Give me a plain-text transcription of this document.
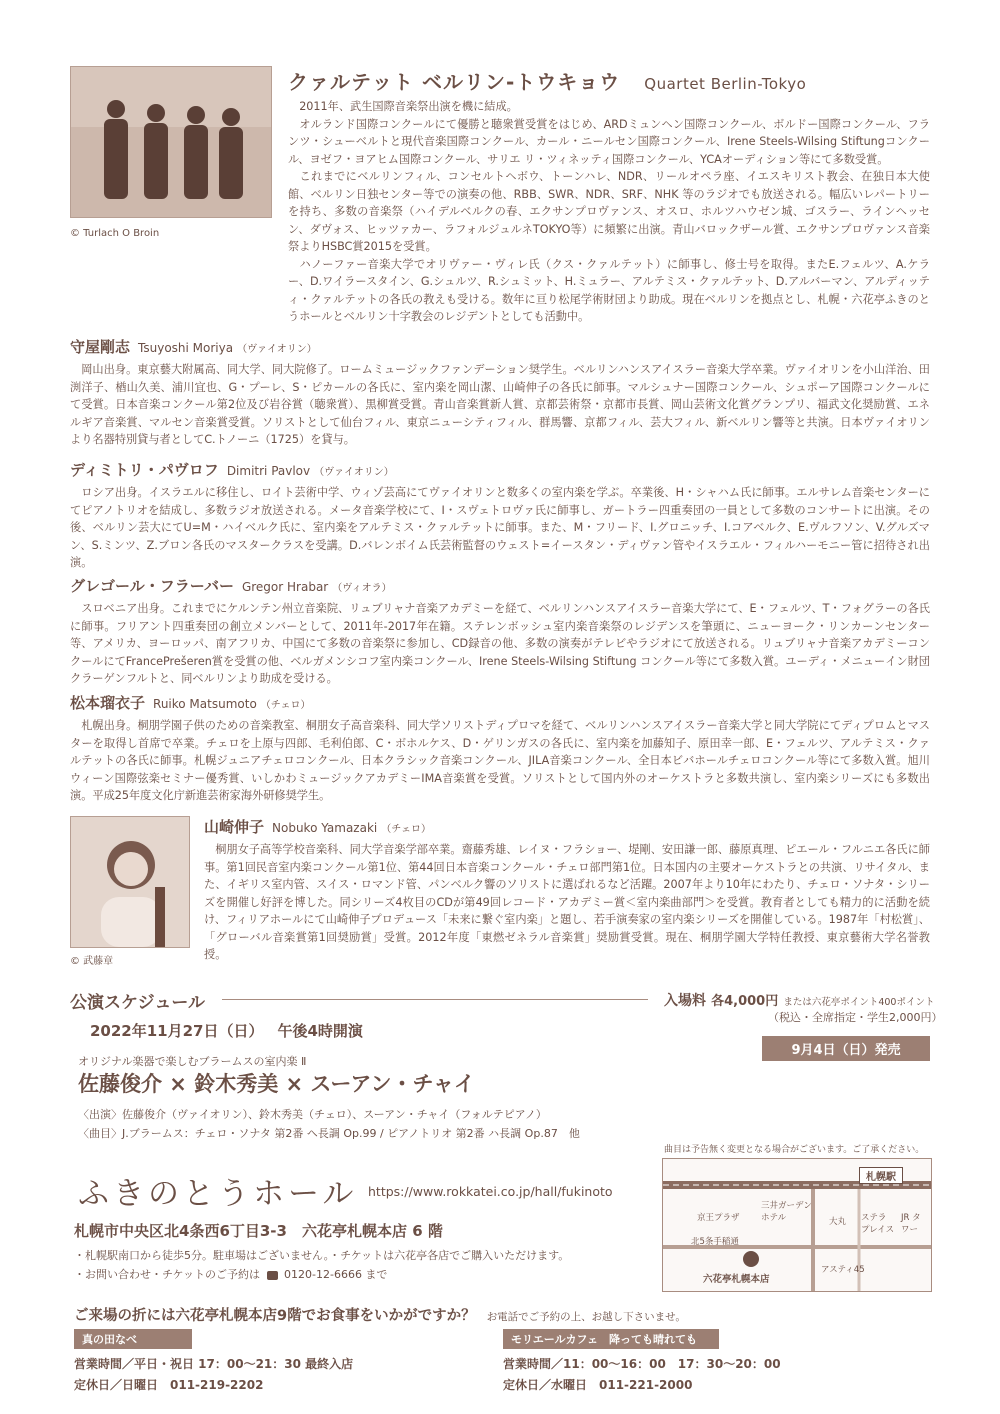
© Turlach O Broin
クァルテット ベルリン-トウキョウ Quartet Berlin-Tokyo
　2011年、武生国際音楽祭出演を機に結成。
　オルランド国際コンクールにて優勝と聴衆賞受賞をはじめ、ARDミュンヘン国際コンクール、ボルドー国際コンクール、フランツ・シューベルトと現代音楽国際コンクール、カール・ニールセン国際コンクール、Irene Steels-Wilsing Stiftungコンクール、ヨゼフ・ヨアヒム国際コンクール、サリエ リ・ツィネッティ国際コンクール、YCAオーディション等にて多数受賞。
　これまでにベルリンフィル、コンセルトヘボウ、トーンハレ、NDR、リールオペラ座、イエスキリスト教会、在独日本大使館、ベルリン日独センター等での演奏の他、RBB、SWR、NDR、SRF、NHK 等のラジオでも放送される。幅広いレパートリーを持ち、多数の音楽祭（ハイデルベルクの春、エクサンプロヴァンス、オスロ、ホルツハウゼン城、ゴスラー、ラインヘッセン、ダヴォス、ヒッツァカー、ラフォルジュルネTOKYO等）に頻繁に出演。青山バロックザール賞、エクサンプロヴァンス音楽祭よりHSBC賞2015を受賞。
　ハノーファー音楽大学でオリヴァー・ヴィレ氏（クス・クァルテット）に師事し、修士号を取得。またE.フェルツ、A.ケラー、D.ワイラースタイン、G.シュルツ、R.シュミット、H.ミュラー、アルテミス・クァルテット、D.アルバーマン、アルディッティ・クァルテットの各氏の教えも受ける。数年に亘り松尾学術財団より助成。現在ベルリンを拠点とし、札幌・六花亭ふきのとうホールとベルリン十字教会のレジデントとしても活動中。
守屋剛志 Tsuyoshi Moriya （ヴァイオリン）
　岡山出身。東京藝大附属高、同大学、同大院修了。ロームミュージックファンデーション奨学生。ベルリンハンスアイスラー音楽大学卒業。ヴァイオリンを小山洋治、田渕洋子、楢山久美、浦川宜也、G・プーレ、S・ピカールの各氏に、室内楽を岡山潔、山崎伸子の各氏に師事。マルシュナー国際コンクール、シュポーア国際コンクールにて受賞。日本音楽コンクール第2位及び岩谷賞（聴衆賞）、黒柳賞受賞。青山音楽賞新人賞、京都芸術祭・京都市長賞、岡山芸術文化賞グランプリ、福武文化奨励賞、エネルギア音楽賞、マルセン音楽賞受賞。ソリストとして仙台フィル、東京ニューシティフィル、群馬響、京都フィル、芸大フィル、新ベルリン響等と共演。日本ヴァイオリンより名器特別貸与者としてC.トノーニ（1725）を貸与。
ディミトリ・パヴロフ Dimitri Pavlov （ヴァイオリン）
　ロシア出身。イスラエルに移住し、ロイト芸術中学、ウィゾ芸高にてヴァイオリンと数多くの室内楽を学ぶ。卒業後、H・シャハム氏に師事。エルサレム音楽センターにてピアノトリオを結成し、多数ラジオ放送される。メータ音楽学校にて、I・スヴェトロヴァ氏に師事し、ガートラー四重奏団の一員として多数のコンサートに出演。その後、ベルリン芸大にてU=M・ハイベルク氏に、室内楽をアルテミス・クァルテットに師事。また、M・フリード、I.グロニッチ、I.コアベルク、E.ヴルフソン、V.グルズマン、S.ミンツ、Z.ブロン各氏のマスタークラスを受講。D.バレンボイム氏芸術監督のウェスト=イースタン・ディヴァン管やイスラエル・フィルハーモニー管に招待され出演。
グレゴール・フラーバー Gregor Hrabar （ヴィオラ）
　スロベニア出身。これまでにケルンテン州立音楽院、リュブリャナ音楽アカデミーを経て、ベルリンハンスアイスラー音楽大学にて、E・フェルツ、T・フォグラーの各氏に師事。フリアント四重奏団の創立メンバーとして、2011年-2017年在籍。ステレンボッシュ室内楽音楽祭のレジデンスを筆頭に、ニューヨーク・リンカーンセンター等、アメリカ、ヨーロッパ、南アフリカ、中国にて多数の音楽祭に参加し、CD録音の他、多数の演奏がテレビやラジオにて放送される。リュブリャナ音楽アカデミーコンクールにてFrancePrešeren賞を受賞の他、ベルガメンシコフ室内楽コンクール、Irene Steels-Wilsing Stiftung コンクール等にて多数入賞。ユーディ・メニューイン財団クラーゲンフルトと、同ベルリンより助成を受ける。
松本瑠衣子 Ruiko Matsumoto （チェロ）
　札幌出身。桐朋学園子供のための音楽教室、桐朋女子高音楽科、同大学ソリストディプロマを経て、ベルリンハンスアイスラー音楽大学と同大学院にてディプロムとマスターを取得し首席で卒業。チェロを上原与四郎、毛利伯郎、C・ボホルケス、D・ゲリンガスの各氏に、室内楽を加藤知子、原田幸一郎、E・フェルツ、アルテミス・クァルテットの各氏に師事。札幌ジュニアチェロコンクール、日本クラシック音楽コンクール、JILA音楽コンクール、全日本ビバホールチェロコンクール等にて多数入賞。旭川ウィーン国際弦楽セミナー優秀賞、いしかわミュージックアカデミーIMA音楽賞を受賞。ソリストとして国内外のオーケストラと多数共演し、室内楽シリーズにも多数出演。平成25年度文化庁新進芸術家海外研修奨学生。
© 武藤章
山崎伸子 Nobuko Yamazaki （チェロ）
　桐朋女子高等学校音楽科、同大学音楽学部卒業。齋藤秀雄、レイヌ・フラショー、堤剛、安田謙一郎、藤原真理、ピエール・フルニエ各氏に師事。第1回民音室内楽コンクール第1位、第44回日本音楽コンクール・チェロ部門第1位。日本国内の主要オーケストラとの共演、リサイタル、また、イギリス室内管、スイス・ロマンド管、パンベルク響のソリストに選ばれるなど活躍。2007年より10年にわたり、チェロ・ソナタ・シリーズを開催し好評を博した。同シリーズ4枚目のCDが第49回レコード・アカデミー賞＜室内楽曲部門＞を受賞。教育者としても精力的に活動を続け、フィリアホールにて山崎伸子プロデュース「未来に繋ぐ室内楽」と題し、若手演奏家の室内楽シリーズを開催している。1987年「村松賞」、「グローバル音楽賞第1回奨励賞」受賞。2012年度「東燃ゼネラル音楽賞」奨励賞受賞。現在、桐朋学園大学特任教授、東京藝術大学名誉教授。
公演スケジュール	入場料 各4,000円 または六花亭ポイント400ポイント
（税込・全席指定・学生2,000円）
9月4日（日）発売
2022年11月27日（日） 午後4時開演
オリジナル楽器で楽しむブラームスの室内楽 Ⅱ
佐藤俊介 × 鈴木秀美 × スーアン・チャイ
〈出演〉佐藤俊介（ヴァイオリン）、鈴木秀美（チェロ）、スーアン・チャイ（フォルテピアノ）
〈曲目〉J.ブラームス：チェロ・ソナタ 第2番 ヘ長調 Op.99 / ピアノトリオ 第2番 ハ長調 Op.87　他
ふきのとうホール https://www.rokkatei.co.jp/hall/fukinoto
札幌市中央区北4条西6丁目3-3　六花亭札幌本店 6 階
・札幌駅南口から徒歩5分。駐車場はございません。・チケットは六花亭各店でご購入いただけます。
・お問い合わせ・チケットのご予約は 0120-12-6666 まで
曲目は予告無く変更となる場合がございます。ご了承ください。
札幌駅
京王プラザ
三井ガーデン ホテル	大丸 ステラ プレイス
JR タワー
北5条手稲通
アスティ45
六花亭札幌本店
ご来場の折には六花亭札幌本店9階でお食事をいかがですか？ お電話でご予約の上、お越し下さいませ。
真の田なべ
営業時間／平日・祝日 17：00～21：30 最終入店
定休日／日曜日　011-219-2202
モリエールカフェ　降っても晴れても
営業時間／11：00～16：00　17：30～20：00
定休日／水曜日　011-221-2000
